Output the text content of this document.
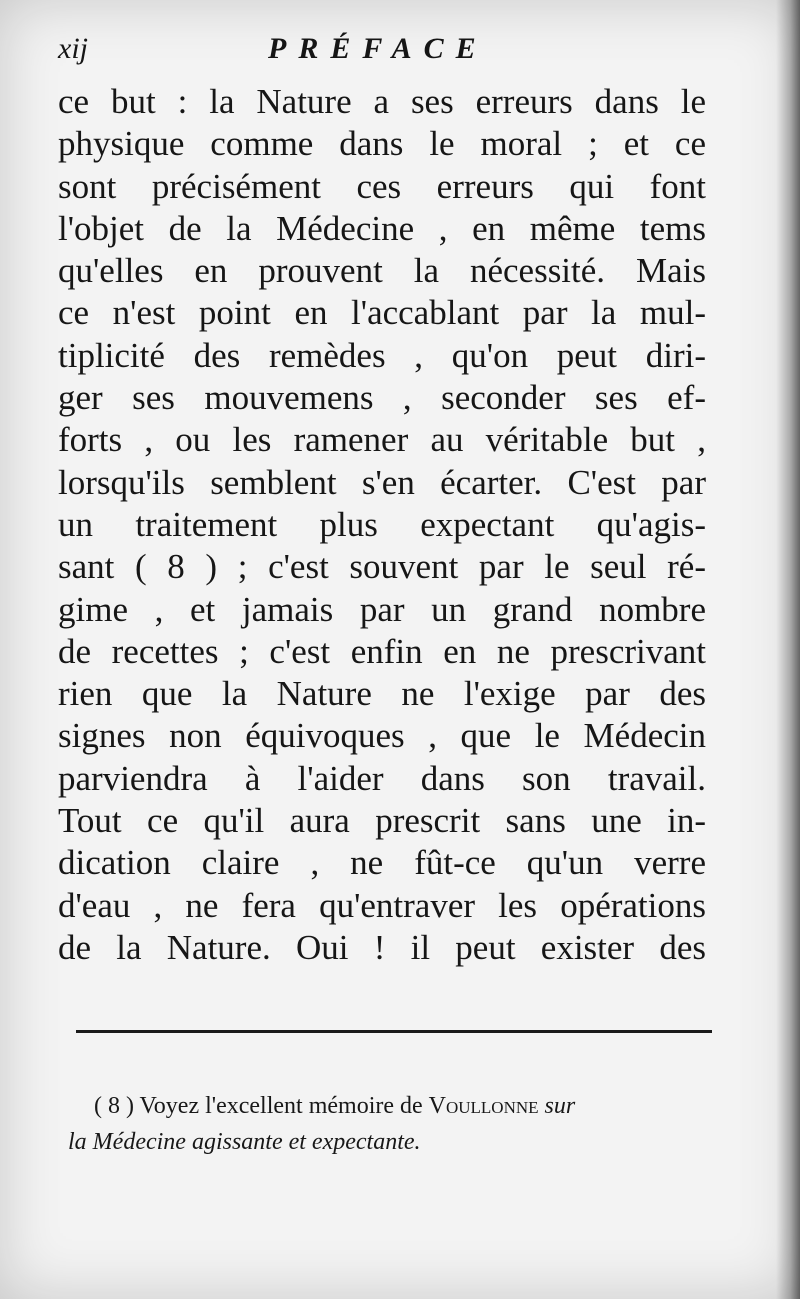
xij	PRÉFACE
ce but : la Nature a ses erreurs dans le
physique comme dans le moral ; et ce
sont précisément ces erreurs qui font
l'objet de la Médecine , en même tems
qu'elles en prouvent la nécessité. Mais
ce n'est point en l'accablant par la mul-
tiplicité des remèdes , qu'on peut diri-
ger ses mouvemens , seconder ses ef-
forts , ou les ramener au véritable but ,
lorsqu'ils semblent s'en écarter. C'est par
un traitement plus expectant qu'agis-
sant ( 8 ) ; c'est souvent par le seul ré-
gime , et jamais par un grand nombre
de recettes ; c'est enfin en ne prescrivant
rien que la Nature ne l'exige par des
signes non équivoques , que le Médecin
parviendra à l'aider dans son travail.
Tout ce qu'il aura prescrit sans une in-
dication claire , ne fût-ce qu'un verre
d'eau , ne fera qu'entraver les opérations
de la Nature. Oui ! il peut exister des
( 8 ) Voyez l'excellent mémoire de Voullonne sur
la Médecine agissante et expectante.
